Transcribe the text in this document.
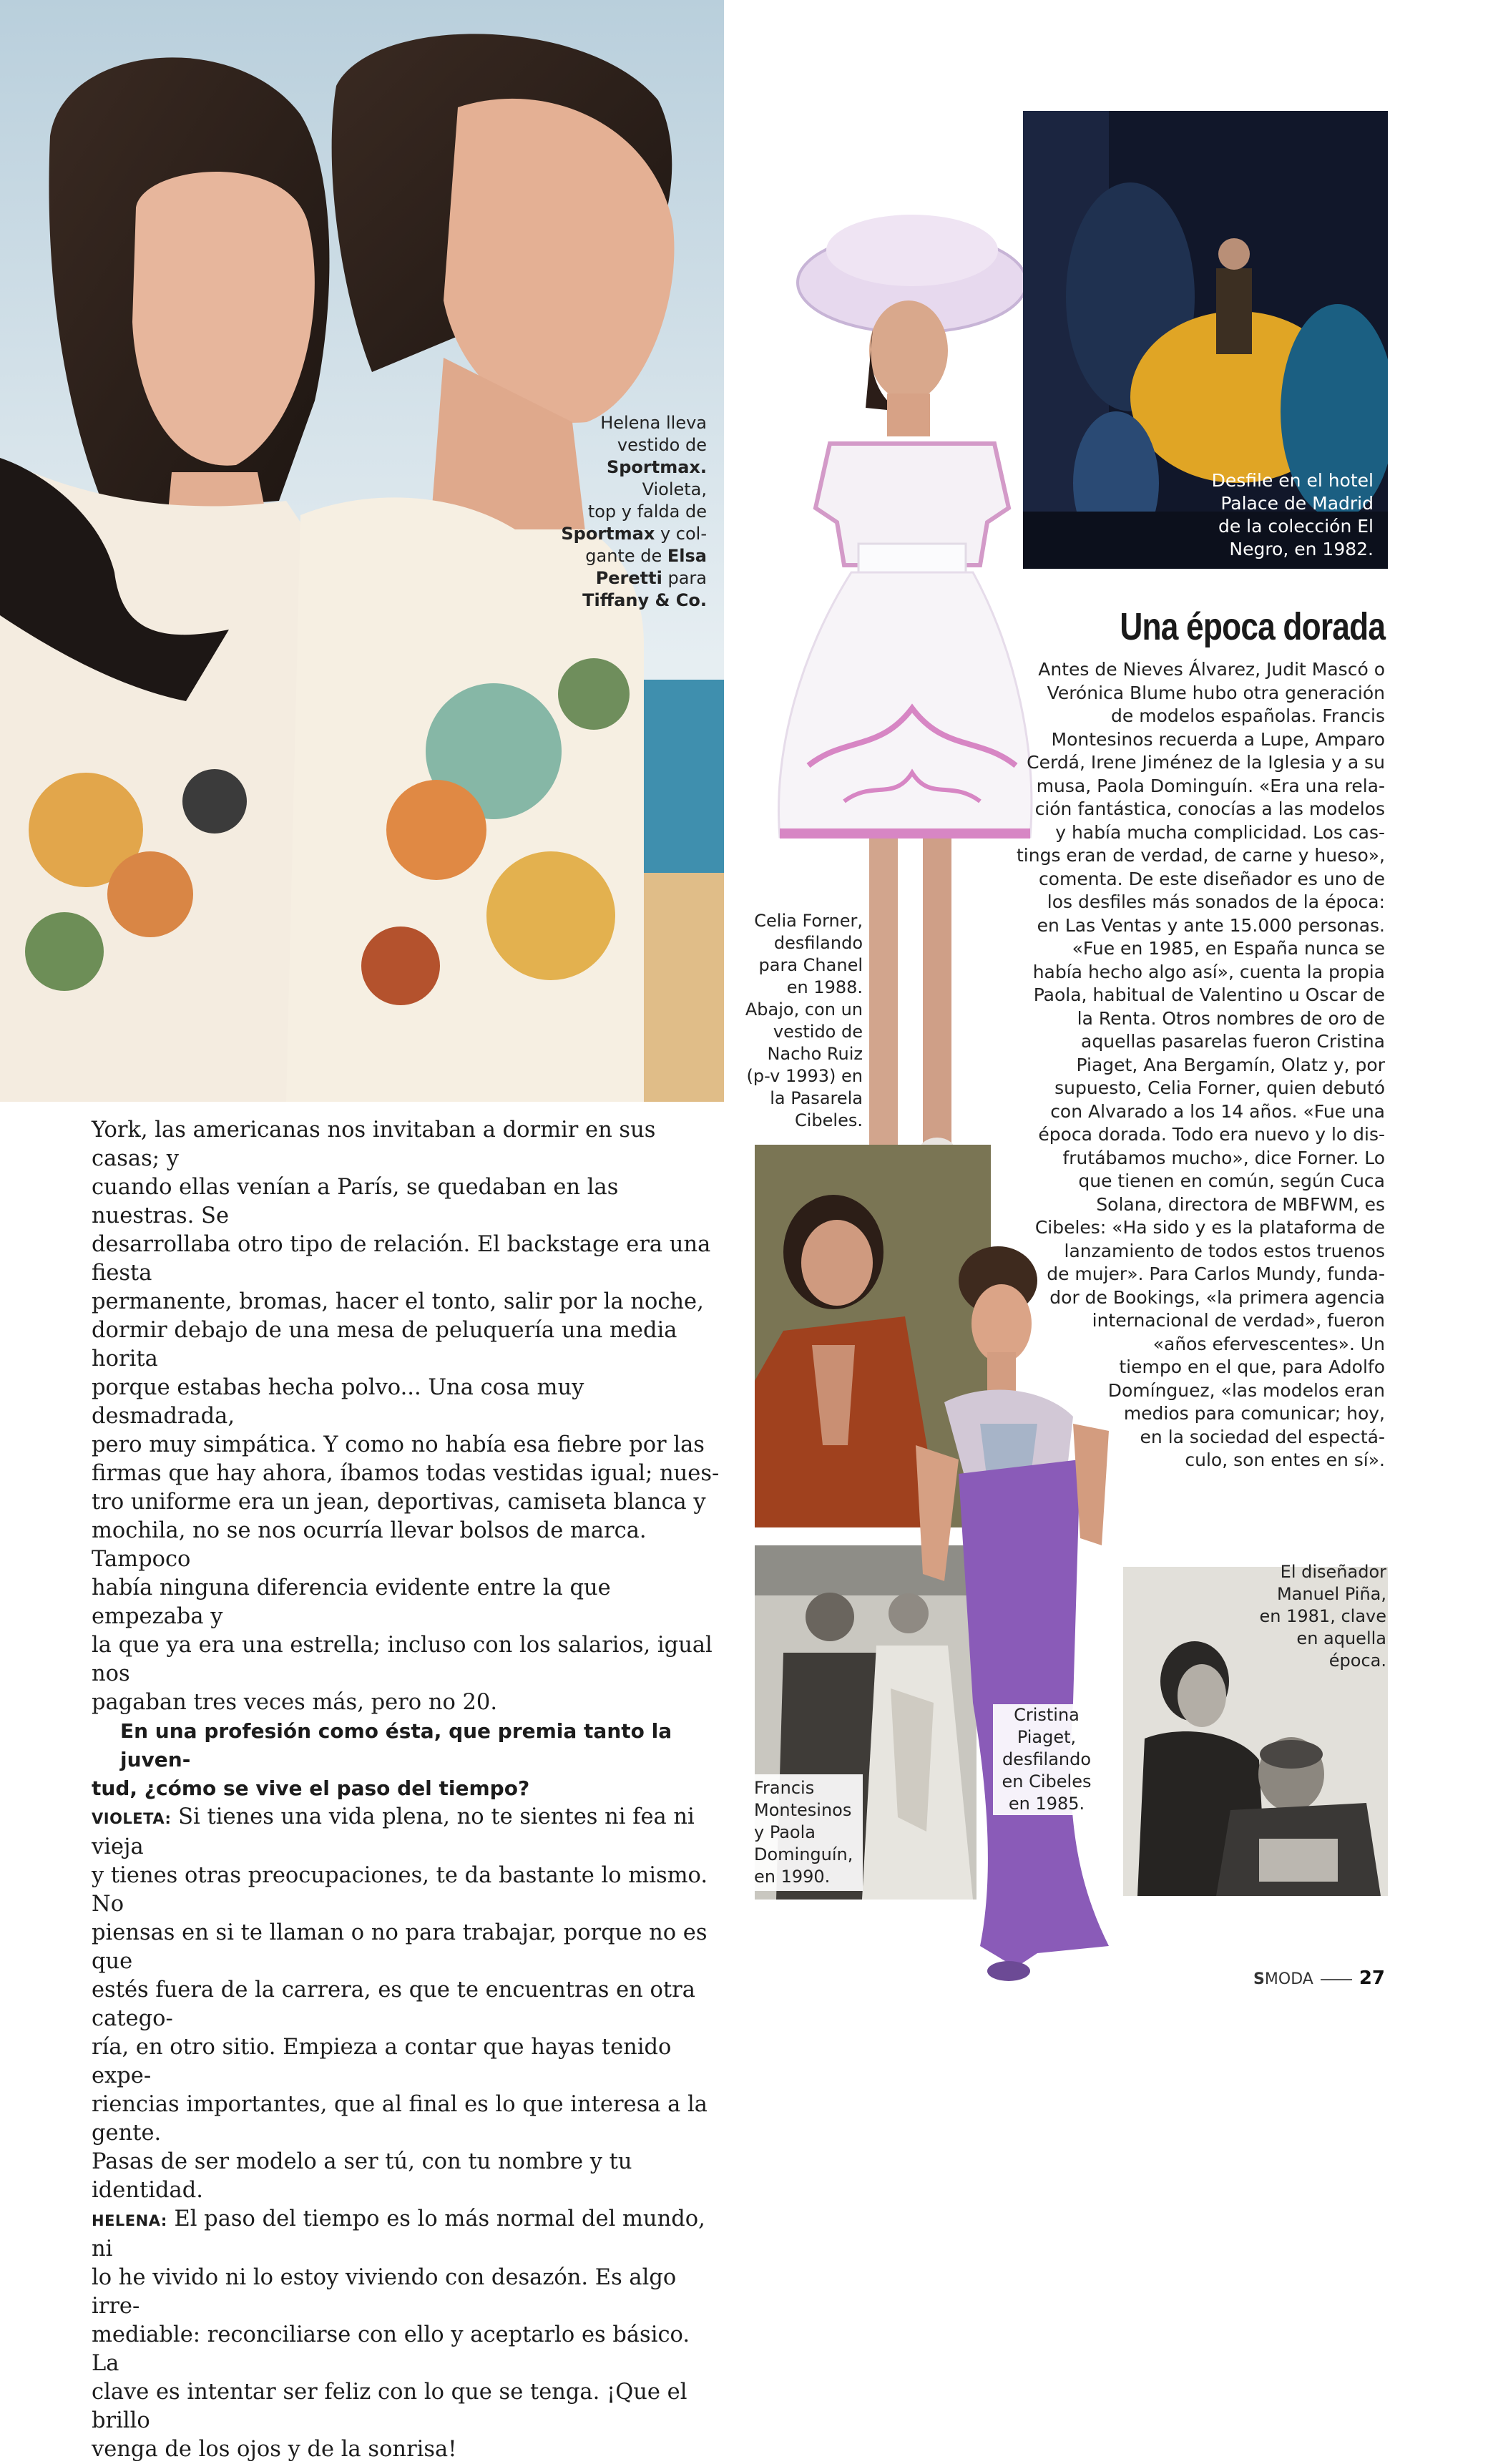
Helena lleva
vestido de
Sportmax.
Violeta,
top y falda de
Sportmax y col-
gante de Elsa
Peretti para
Tiffany & Co.
Celia Forner,
desfilando
para Chanel
en 1988.
Abajo, con un
vestido de
Nacho Ruiz
(p-v 1993) en
la Pasarela
Cibeles.
Desfile en el hotel
Palace de Madrid
de la colección El
Negro, en 1982.
Una época dorada
Antes de Nieves Álvarez, Judit Mascó o
Verónica Blume hubo otra generación
de modelos españolas. Francis
Montesinos recuerda a Lupe, Amparo
Cerdá, Irene Jiménez de la Iglesia y a su
musa, Paola Dominguín. «Era una rela-
ción fantástica, conocías a las modelos
y había mucha complicidad. Los cas-
tings eran de verdad, de carne y hueso»,
comenta. De este diseñador es uno de
los desfiles más sonados de la época:
en Las Ventas y ante 15.000 personas.
«Fue en 1985, en España nunca se
había hecho algo así», cuenta la propia
Paola, habitual de Valentino u Oscar de
la Renta. Otros nombres de oro de
aquellas pasarelas fueron Cristina
Piaget, Ana Bergamín, Olatz y, por
supuesto, Celia Forner, quien debutó
con Alvarado a los 14 años. «Fue una
época dorada. Todo era nuevo y lo dis-
frutábamos mucho», dice Forner. Lo
que tienen en común, según Cuca
Solana, directora de MBFWM, es
Cibeles: «Ha sido y es la plataforma de
lanzamiento de todos estos truenos
de mujer». Para Carlos Mundy, funda-
dor de Bookings, «la primera agencia
internacional de verdad», fueron
«años efervescentes». Un
tiempo en el que, para Adolfo
Domínguez, «las modelos eran
medios para comunicar; hoy,
en la sociedad del espectá-
culo, son entes en sí».
York, las americanas nos invitaban a dormir en sus casas; y
cuando ellas venían a París, se quedaban en las nuestras. Se
desarrollaba otro tipo de relación. El backstage era una fiesta
permanente, bromas, hacer el tonto, salir por la noche,
dormir debajo de una mesa de peluquería una media horita
porque estabas hecha polvo... Una cosa muy desmadrada,
pero muy simpática. Y como no había esa fiebre por las
firmas que hay ahora, íbamos todas vestidas igual; nues-
tro uniforme era un jean, deportivas, camiseta blanca y
mochila, no se nos ocurría llevar bolsos de marca. Tampoco
había ninguna diferencia evidente entre la que empezaba y
la que ya era una estrella; incluso con los salarios, igual nos
pagaban tres veces más, pero no 20.
En una profesión como ésta, que premia tanto la juven-
tud, ¿cómo se vive el paso del tiempo?
VIOLETA: Si tienes una vida plena, no te sientes ni fea ni vieja
y tienes otras preocupaciones, te da bastante lo mismo. No
piensas en si te llaman o no para trabajar, porque no es que
estés fuera de la carrera, es que te encuentras en otra catego-
ría, en otro sitio. Empieza a contar que hayas tenido expe-
riencias importantes, que al final es lo que interesa a la gente.
Pasas de ser modelo a ser tú, con tu nombre y tu identidad.
HELENA: El paso del tiempo es lo más normal del mundo, ni
lo he vivido ni lo estoy viviendo con desazón. Es algo irre-
mediable: reconciliarse con ello y aceptarlo es básico. La
clave es intentar ser feliz con lo que se tenga. ¡Que el brillo
venga de los ojos y de la sonrisa!
El diseñador
Manuel Piña,
en 1981, clave
en aquella
época.
Cristina
Piaget,
desfilando
en Cibeles
en 1985.
Francis
Montesinos
y Paola
Dominguín,
en 1990.
SMODA 27
